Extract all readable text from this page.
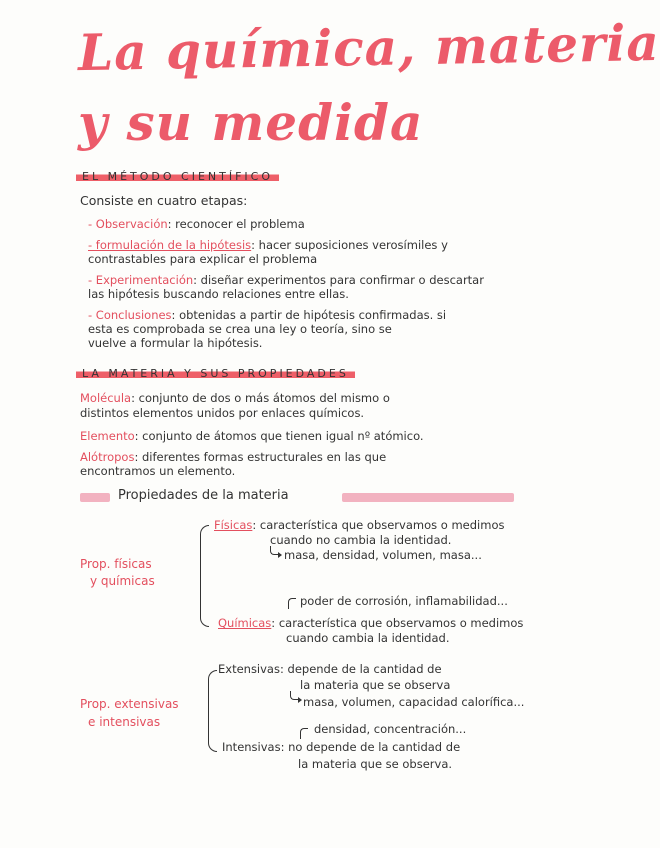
La química, materia
y su medida
EL MÉTODO CIENTÍFICO
Consiste en cuatro etapas:
- Observación: reconocer el problema
- formulación de la hipótesis: hacer suposiciones verosímiles y
contrastables para explicar el problema
- Experimentación: diseñar experimentos para confirmar o descartar
las hipótesis buscando relaciones entre ellas.
- Conclusiones: obtenidas a partir de hipótesis confirmadas. si
esta es comprobada se crea una ley o teoría, sino se
vuelve a formular la hipótesis.
LA MATERIA Y SUS PROPIEDADES
Molécula: conjunto de dos o más átomos del mismo o
distintos elementos unidos por enlaces químicos.
Elemento: conjunto de átomos que tienen igual nº atómico.
Alótropos: diferentes formas estructurales en las que
encontramos un elemento.
Propiedades de la materia
Prop. físicas
y químicas
Físicas: característica que observamos o medimos
cuando no cambia la identidad.
masa, densidad, volumen, masa...
poder de corrosión, inflamabilidad...
Químicas: característica que observamos o medimos
cuando cambia la identidad.
Prop. extensivas
e intensivas
Extensivas: depende de la cantidad de
la materia que se observa
masa, volumen, capacidad calorífica...
densidad, concentración...
Intensivas: no depende de la cantidad de
la materia que se observa.
